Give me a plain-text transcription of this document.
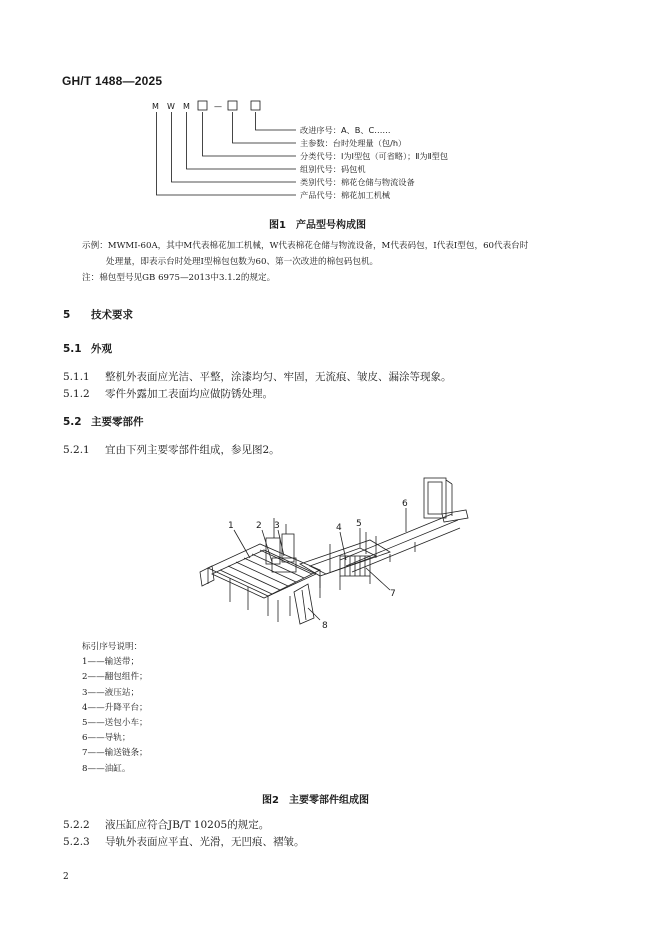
GH/T 1488—2025
M W M	—
改进序号：A、B、C……
主参数：台时处理量（包/h）
分类代号：Ⅰ为Ⅰ型包（可省略）；Ⅱ为Ⅱ型包
组别代号：码包机
类别代号：棉花仓储与物流设备
产品代号：棉花加工机械
图1　产品型号构成图
示例：MWMⅠ-60A，其中M代表棉花加工机械，W代表棉花仓储与物流设备，M代表码包，Ⅰ代表Ⅰ型包，60代表台时
处理量，即表示台时处理Ⅰ型棉包包数为60、第一次改进的棉包码包机。
注：棉包型号见GB 6975—2013中3.1.2的规定。
5 技术要求
5.1 外观
5.1.1 整机外表面应光洁、平整，涂漆均匀、牢固，无流痕、皱皮、漏涂等现象。
5.1.2 零件外露加工表面均应做防锈处理。
5.2 主要零部件
5.2.1 宜由下列主要零部件组成，参见图2。
1 2 3	4 5
6
7
8
标引序号说明：
1——输送带；
2——翻包组件；
3——液压站；
4——升降平台；
5——送包小车；
6——导轨；
7——输送链条；
8——油缸。
图2　主要零部件组成图
5.2.2 液压缸应符合JB/T 10205的规定。
5.2.3 导轨外表面应平直、光滑，无凹痕、褶皱。
2
